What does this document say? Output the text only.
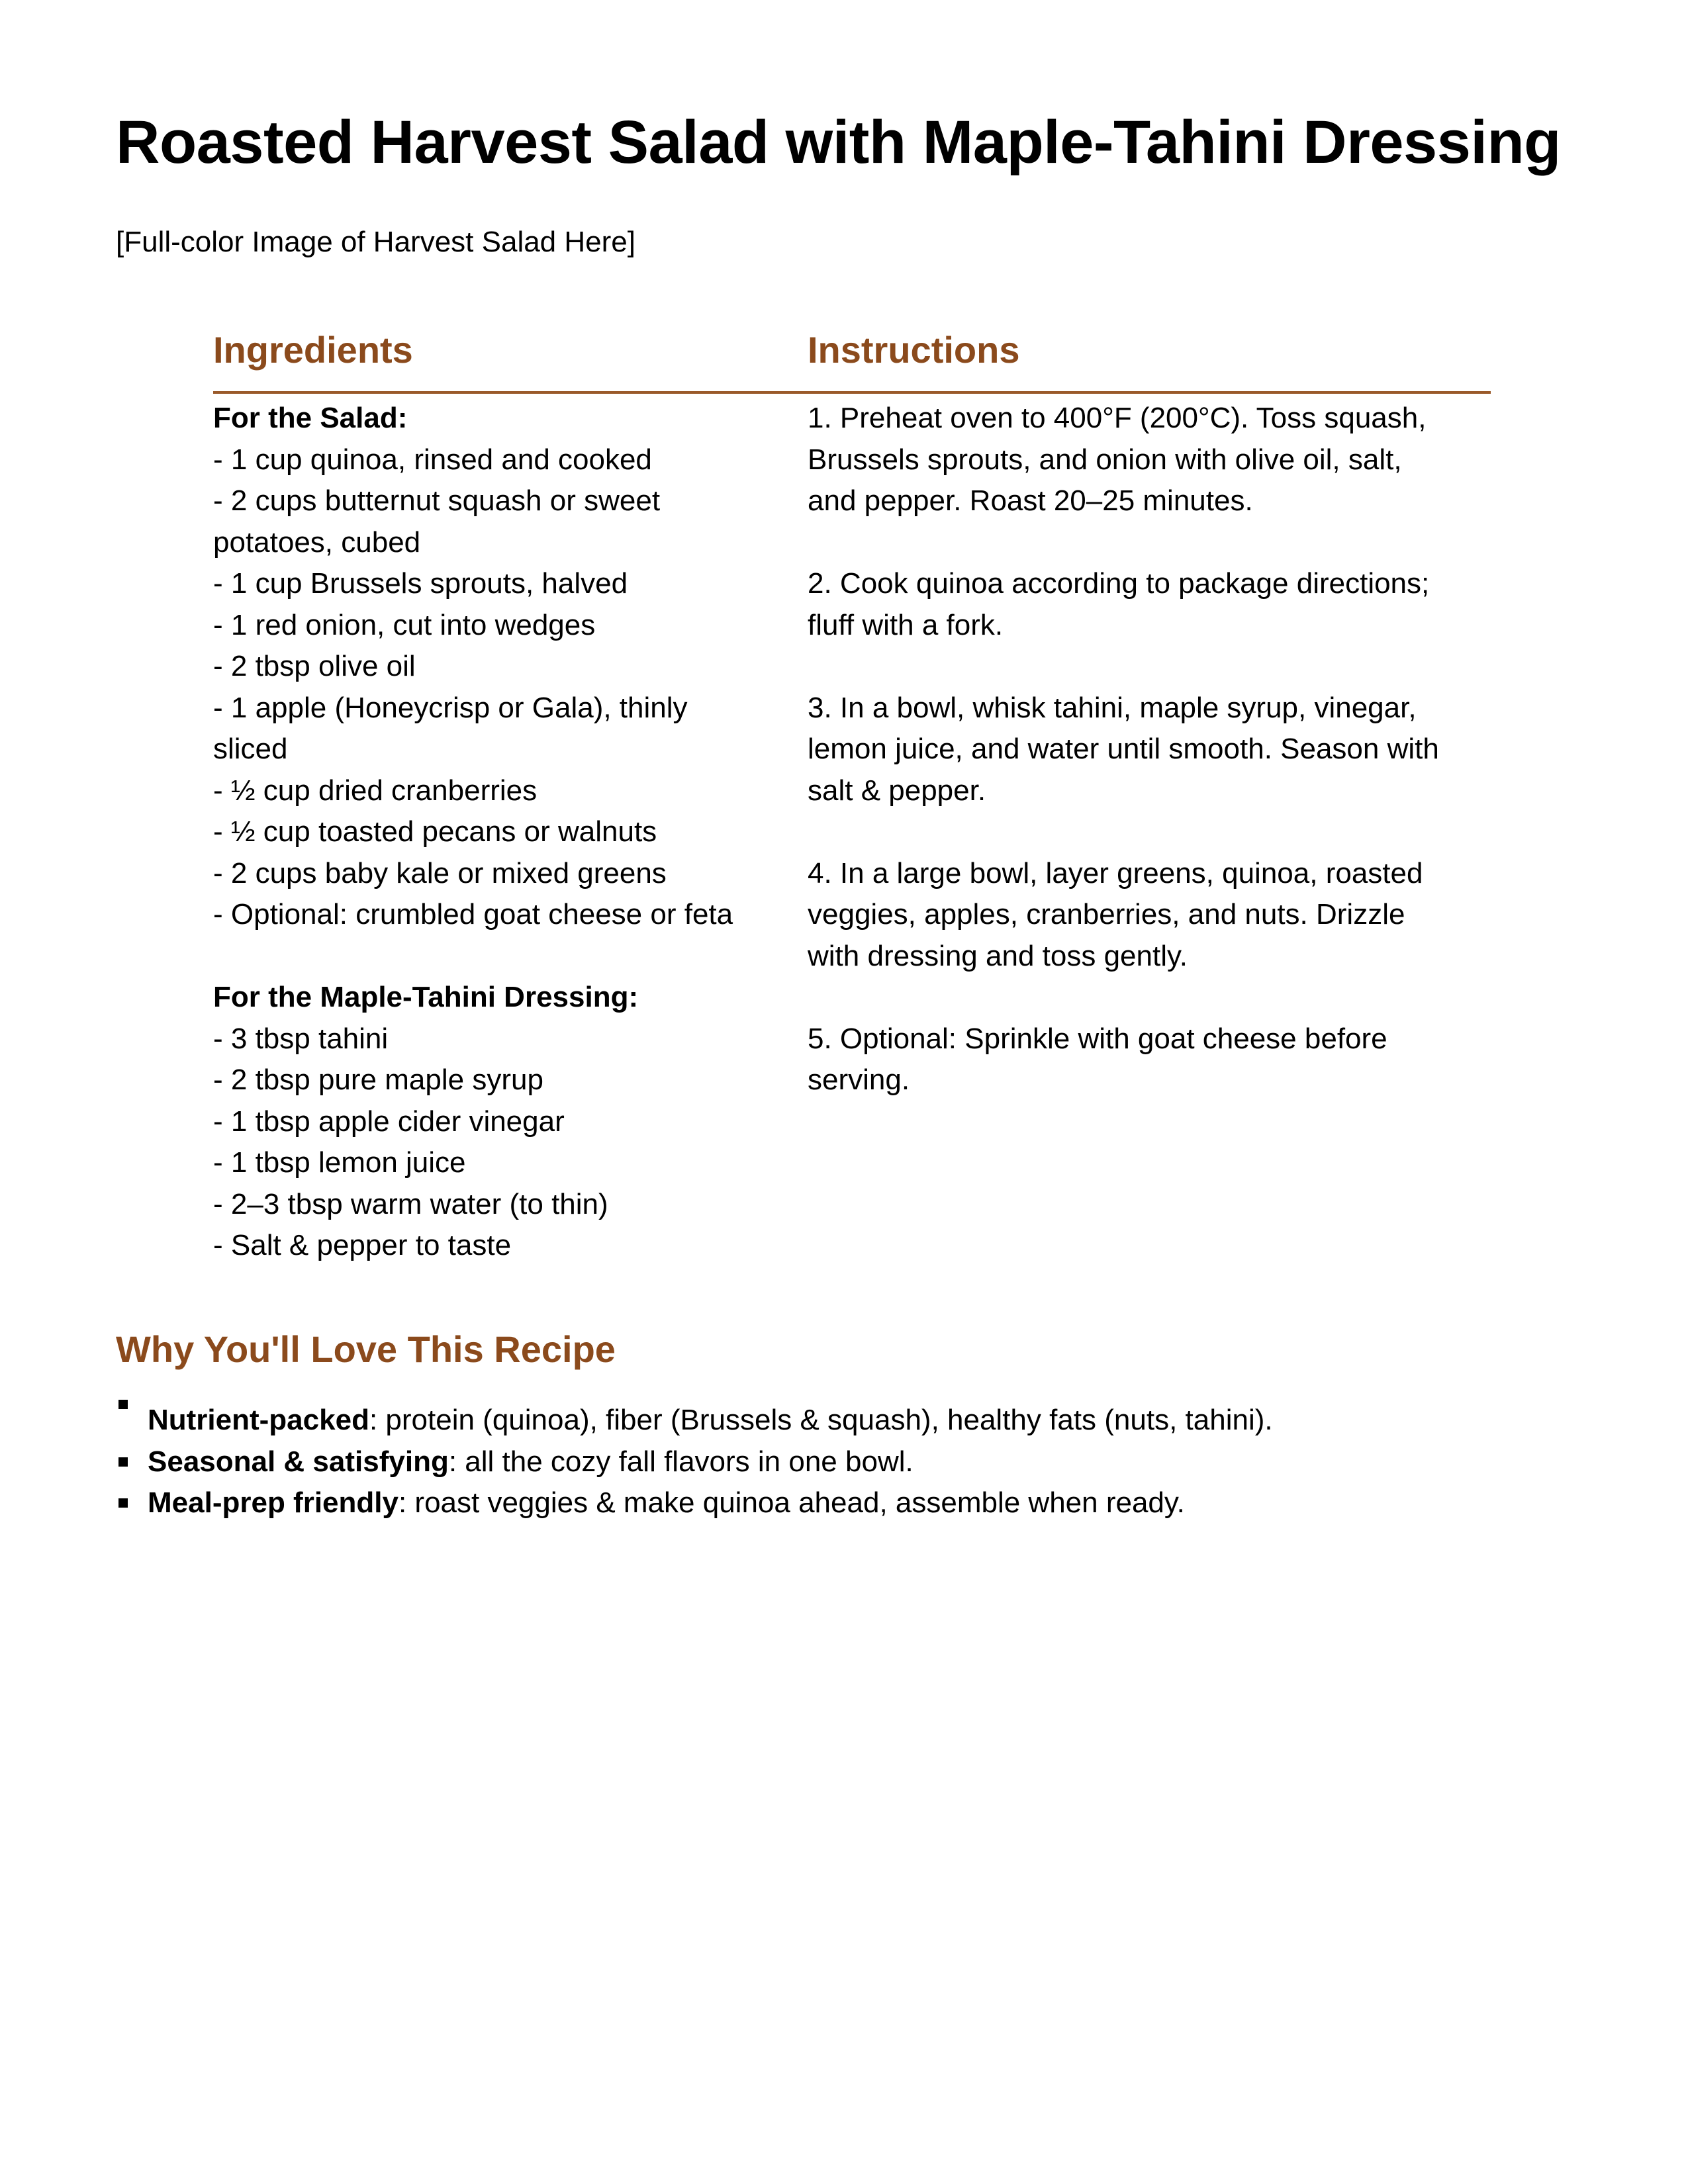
Roasted Harvest Salad with Maple-Tahini Dressing
[Full-color Image of Harvest Salad Here]
Ingredients	Instructions
For the Salad:
- 1 cup quinoa, rinsed and cooked
- 2 cups butternut squash or sweet
potatoes, cubed
- 1 cup Brussels sprouts, halved
- 1 red onion, cut into wedges
- 2 tbsp olive oil
- 1 apple (Honeycrisp or Gala), thinly
sliced
- ½ cup dried cranberries
- ½ cup toasted pecans or walnuts
- 2 cups baby kale or mixed greens
- Optional: crumbled goat cheese or feta
For the Maple-Tahini Dressing:
- 3 tbsp tahini
- 2 tbsp pure maple syrup
- 1 tbsp apple cider vinegar
- 1 tbsp lemon juice
- 2–3 tbsp warm water (to thin)
- Salt & pepper to taste
1. Preheat oven to 400°F (200°C). Toss squash,
Brussels sprouts, and onion with olive oil, salt,
and pepper. Roast 20–25 minutes.
2. Cook quinoa according to package directions;
fluff with a fork.
3. In a bowl, whisk tahini, maple syrup, vinegar,
lemon juice, and water until smooth. Season with
salt & pepper.
4. In a large bowl, layer greens, quinoa, roasted
veggies, apples, cranberries, and nuts. Drizzle
with dressing and toss gently.
5. Optional: Sprinkle with goat cheese before
serving.
Why You'll Love This Recipe
Nutrient-packed: protein (quinoa), fiber (Brussels & squash), healthy fats (nuts, tahini).
Seasonal & satisfying: all the cozy fall flavors in one bowl.
Meal-prep friendly: roast veggies & make quinoa ahead, assemble when ready.
